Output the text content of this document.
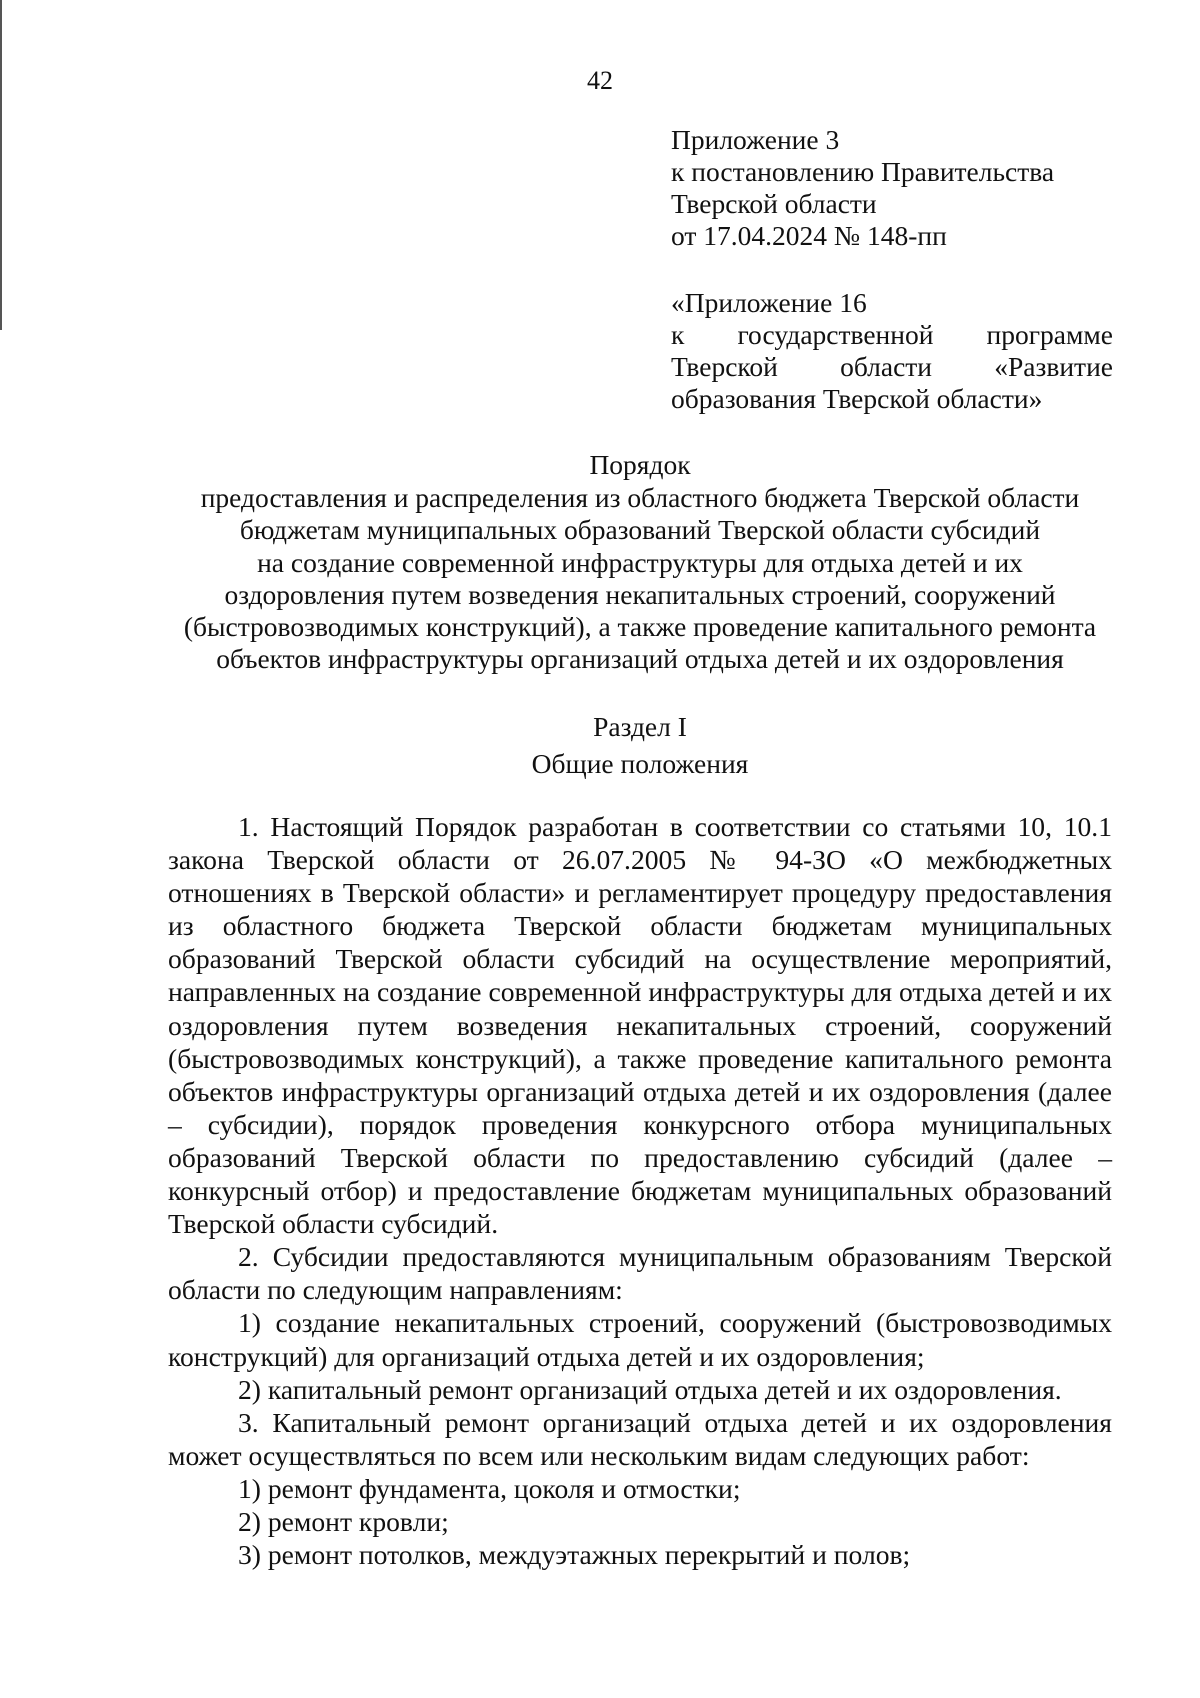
42
Приложение 3
к постановлению Правительства
Тверской области
от 17.04.2024 № 148-пп
«Приложение 16
к государственной программе
Тверской области «Развитие
образования Тверской области»
Порядок
предоставления и распределения из областного бюджета Тверской области
бюджетам муниципальных образований Тверской области субсидий
на создание современной инфраструктуры для отдыха детей и их
оздоровления путем возведения некапитальных строений, сооружений
(быстровозводимых конструкций), а также проведение капитального ремонта
объектов инфраструктуры организаций отдыха детей и их оздоровления
Раздел I
Общие положения

1. Настоящий Порядок разработан в соответствии со статьями 10, 10.1 закона Тверской области от 26.07.2005 № 94-ЗО «О межбюджетных отношениях в Тверской области» и регламентирует процедуру предоставления из областного бюджета Тверской области бюджетам муниципальных образований Тверской области субсидий на осуществление мероприятий, направленных на создание современной инфраструктуры для отдыха детей и их оздоровления путем возведения некапитальных строений, сооружений (быстровозводимых конструкций), а также проведение капитального ремонта объектов инфраструктуры организаций отдыха детей и их оздоровления (далее – субсидии), порядок проведения конкурсного отбора муниципальных образований Тверской области по предоставлению субсидий (далее – конкурсный отбор) и предоставление бюджетам муниципальных образований Тверской области субсидий.

2. Субсидии предоставляются муниципальным образованиям Тверской области по следующим направлениям:

1) создание некапитальных строений, сооружений (быстровозводимых конструкций) для организаций отдыха детей и их оздоровления;

2) капитальный ремонт организаций отдыха детей и их оздоровления.

3. Капитальный ремонт организаций отдыха детей и их оздоровления может осуществляться по всем или нескольким видам следующих работ:

1) ремонт фундамента, цоколя и отмостки;

2) ремонт кровли;

3) ремонт потолков, междуэтажных перекрытий и полов;
